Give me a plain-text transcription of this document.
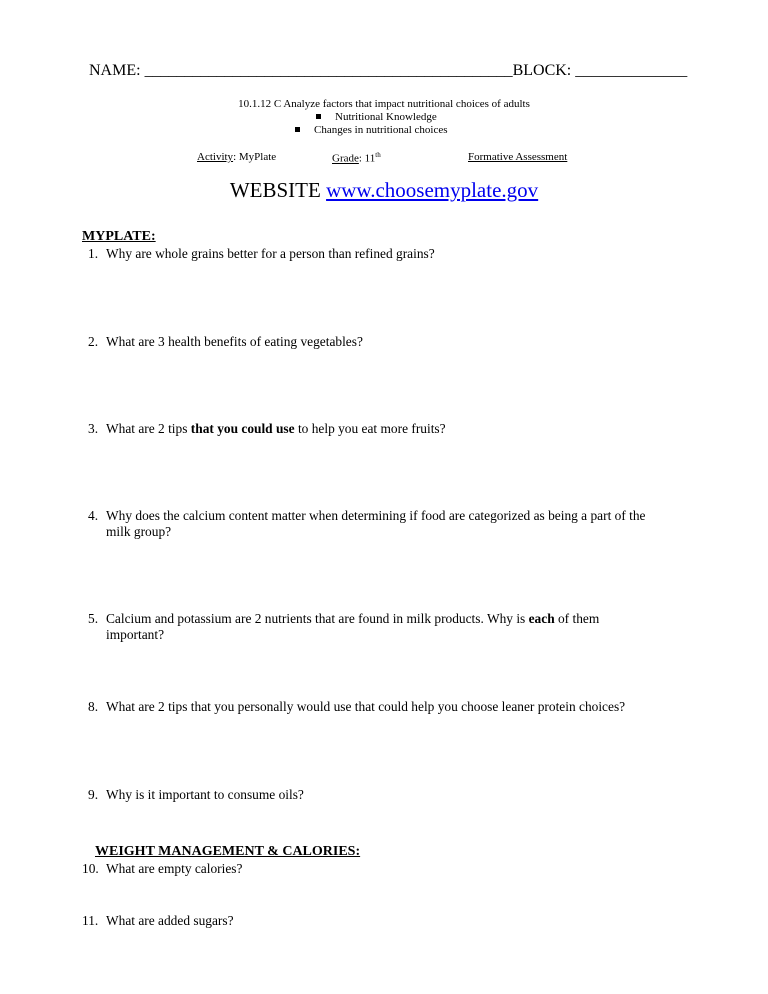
NAME: ______________________________________________BLOCK: ______________
10.1.12 C Analyze factors that impact nutritional choices of adults
Nutritional Knowledge
Changes in nutritional choices
Activity: MyPlate	Grade: 11th	Formative Assessment
WEBSITE www.choosemyplate.gov
MYPLATE:
1. Why are whole grains better for a person than refined grains?
2. What are 3 health benefits of eating vegetables?
3. What are 2 tips that you could use to help you eat more fruits?
4. Why does the calcium content matter when determining if food are categorized as being a part of the
milk group?
5. Calcium and potassium are 2 nutrients that are found in milk products. Why is each of them
important?
8. What are 2 tips that you personally would use that could help you choose leaner protein choices?
9. Why is it important to consume oils?
WEIGHT MANAGEMENT & CALORIES:
10. What are empty calories?
11. What are added sugars?
